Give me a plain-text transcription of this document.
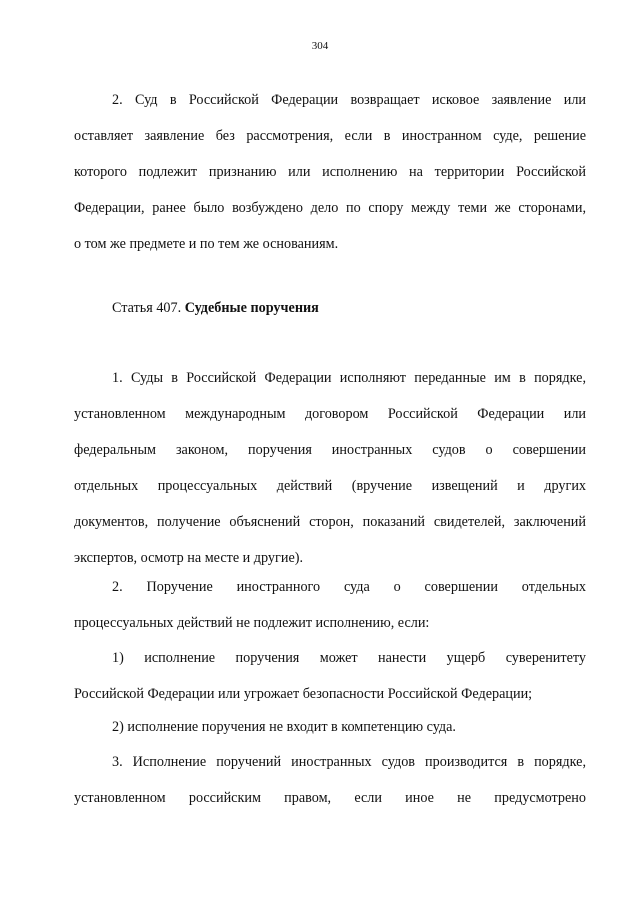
304
2. Суд в Российской Федерации возвращает исковое заявление или
оставляет заявление без рассмотрения, если в иностранном суде, решение
которого подлежит признанию или исполнению на территории Российской
Федерации, ранее было возбуждено дело по спору между теми же сторонами,
о том же предмете и по тем же основаниям.

Статья 407. Судебные поручения

1. Суды в Российской Федерации исполняют переданные им в порядке,
установленном международным договором Российской Федерации или
федеральным законом, поручения иностранных судов о совершении
отдельных процессуальных действий (вручение извещений и других
документов, получение объяснений сторон, показаний свидетелей, заключений
экспертов, осмотр на месте и другие).
2. Поручение иностранного суда о совершении отдельных
процессуальных действий не подлежит исполнению, если:
1) исполнение поручения может нанести ущерб суверенитету
Российской Федерации или угрожает безопасности Российской Федерации;
2) исполнение поручения не входит в компетенцию суда.
3. Исполнение поручений иностранных судов производится в порядке,
установленном российским правом, если иное не предусмотрено
